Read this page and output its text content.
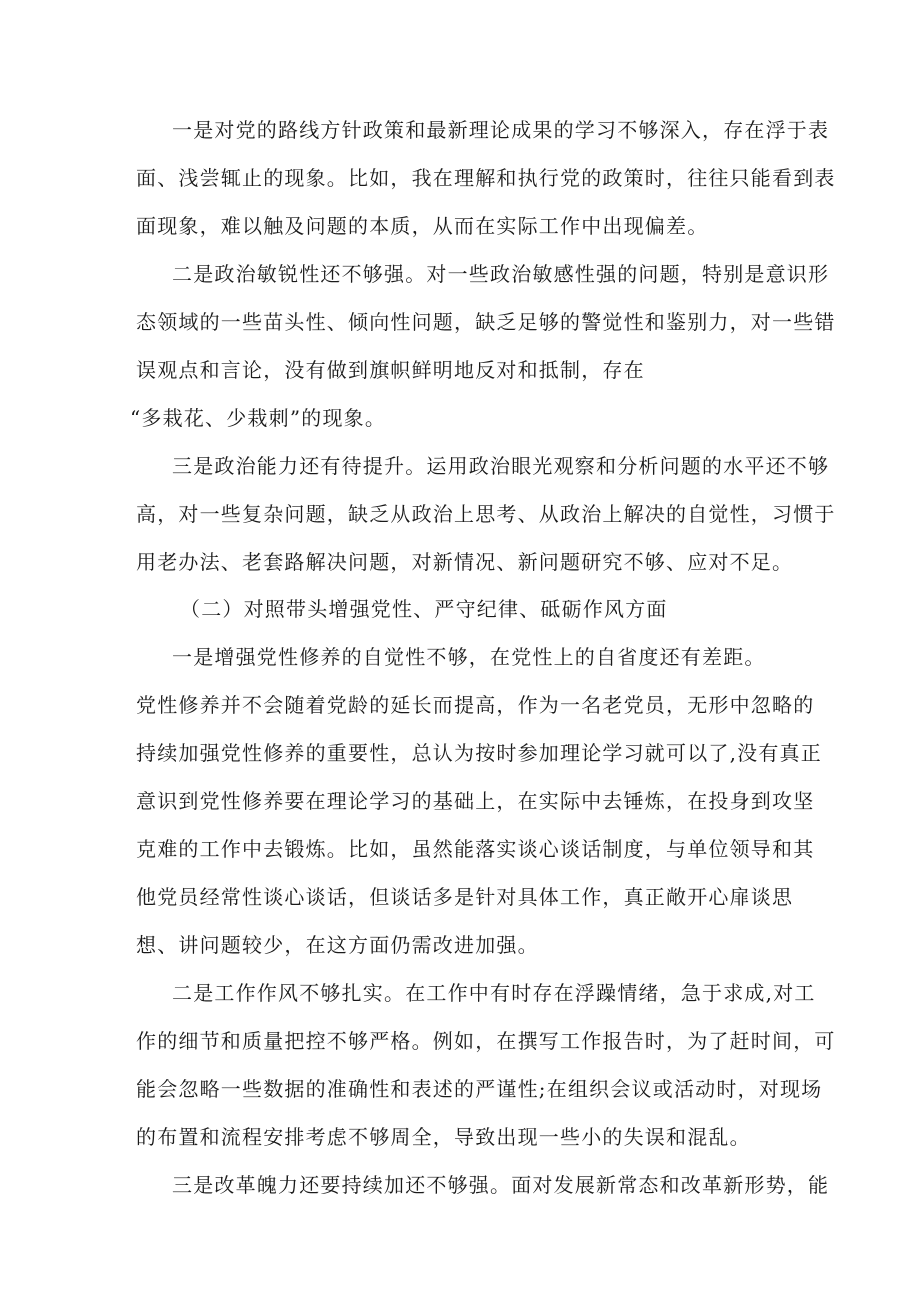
一是对党的路线方针政策和最新理论成果的学习不够深入，存在浮于表

面、浅尝辄止的现象。比如，我在理解和执行党的政策时，往往只能看到表

面现象，难以触及问题的本质，从而在实际工作中出现偏差。

二是政治敏锐性还不够强。对一些政治敏感性强的问题，特别是意识形

态领域的一些苗头性、倾向性问题，缺乏足够的警觉性和鉴别力，对一些错

误观点和言论，没有做到旗帜鲜明地反对和抵制，存在

“多栽花、少栽刺”的现象。

三是政治能力还有待提升。运用政治眼光观察和分析问题的水平还不够

高，对一些复杂问题，缺乏从政治上思考、从政治上解决的自觉性，习惯于

用老办法、老套路解决问题，对新情况、新问题研究不够、应对不足。

（二）对照带头增强党性、严守纪律、砥砺作风方面

一是增强党性修养的自觉性不够，在党性上的自省度还有差距。

党性修养并不会随着党龄的延长而提高，作为一名老党员，无形中忽略的

持续加强党性修养的重要性，总认为按时参加理论学习就可以了,没有真正

意识到党性修养要在理论学习的基础上，在实际中去锤炼，在投身到攻坚

克难的工作中去锻炼。比如，虽然能落实谈心谈话制度，与单位领导和其

他党员经常性谈心谈话，但谈话多是针对具体工作，真正敞开心扉谈思

想、讲问题较少，在这方面仍需改进加强。

二是工作作风不够扎实。在工作中有时存在浮躁情绪，急于求成,对工

作的细节和质量把控不够严格。例如，在撰写工作报告时，为了赶时间，可

能会忽略一些数据的准确性和表述的严谨性;在组织会议或活动时，对现场

的布置和流程安排考虑不够周全，导致出现一些小的失误和混乱。

三是改革魄力还要持续加还不够强。面对发展新常态和改革新形势，能
